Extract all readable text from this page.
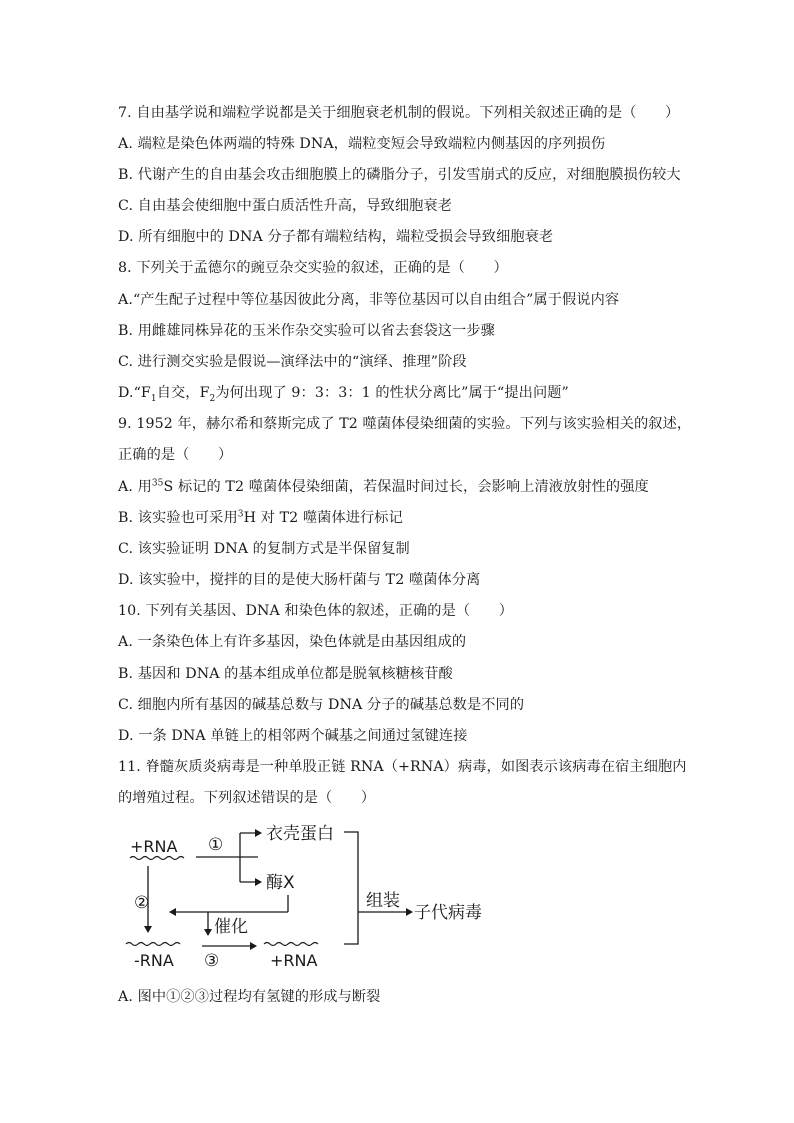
7. 自由基学说和端粒学说都是关于细胞衰老机制的假说。下列相关叙述正确的是（　　）
A. 端粒是染色体两端的特殊 DNA，端粒变短会导致端粒内侧基因的序列损伤
B. 代谢产生的自由基会攻击细胞膜上的磷脂分子，引发雪崩式的反应，对细胞膜损伤较大
C. 自由基会使细胞中蛋白质活性升高，导致细胞衰老
D. 所有细胞中的 DNA 分子都有端粒结构，端粒受损会导致细胞衰老
8. 下列关于孟德尔的豌豆杂交实验的叙述，正确的是（　　）
A.“产生配子过程中等位基因彼此分离，非等位基因可以自由组合”属于假说内容
B. 用雌雄同株异花的玉米作杂交实验可以省去套袋这一步骤
C. 进行测交实验是假说—演绎法中的“演绎、推理”阶段
$D.“F_1$自交，$F_2$为何出现了 9：3：3：1 的性状分离比”属于“提出问题”
9. 1952 年，赫尔希和蔡斯完成了 T2 噬菌体侵染细菌的实验。下列与该实验相关的叙述，
正确的是（　　）
A. 用$^{35}$S 标记的 T2 噬菌体侵染细菌，若保温时间过长，会影响上清液放射性的强度
B. 该实验也可采用$^3$H 对 T2 噬菌体进行标记
C. 该实验证明 DNA 的复制方式是半保留复制
D. 该实验中，搅拌的目的是使大肠杆菌与 T2 噬菌体分离
10. 下列有关基因、DNA 和染色体的叙述，正确的是（　　）
A. 一条染色体上有许多基因，染色体就是由基因组成的
B. 基因和 DNA 的基本组成单位都是脱氧核糖核苷酸
C. 细胞内所有基因的碱基总数与 DNA 分子的碱基总数是不同的
D. 一条 DNA 单链上的相邻两个碱基之间通过氢键连接
11. 脊髓灰质炎病毒是一种单股正链 RNA（+RNA）病毒，如图表示该病毒在宿主细胞内
的增殖过程。下列叙述错误的是（　　）
+RNA ①
衣壳蛋白
酶X
②
催化
-RNA ③	+RNA
组装
子代病毒
A. 图中①②③过程均有氢键的形成与断裂
